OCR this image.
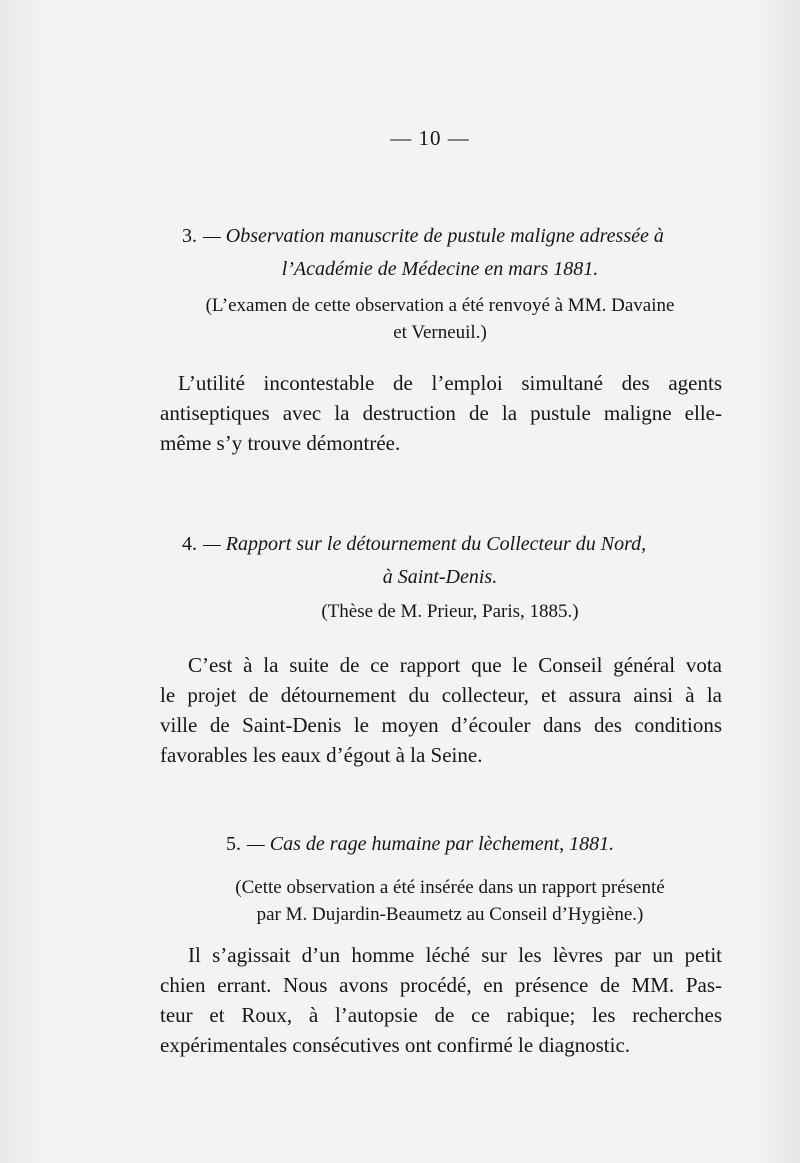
— 10 —
3. — Observation manuscrite de pustule maligne adressée à
l’Académie de Médecine en mars 1881.
(L’examen de cette observation a été renvoyé à MM. Davaine
et Verneuil.)
L’utilité incontestable de l’emploi simultané des agents
antiseptiques avec la destruction de la pustule maligne elle-
même s’y trouve démontrée.
4. — Rapport sur le détournement du Collecteur du Nord,
à Saint-Denis.
(Thèse de M. Prieur, Paris, 1885.)
C’est à la suite de ce rapport que le Conseil général vota
le projet de détournement du collecteur, et assura ainsi à la
ville de Saint-Denis le moyen d’écouler dans des conditions
favorables les eaux d’égout à la Seine.
5. — Cas de rage humaine par lèchement, 1881.
(Cette observation a été insérée dans un rapport présenté
par M. Dujardin-Beaumetz au Conseil d’Hygiène.)
Il s’agissait d’un homme léché sur les lèvres par un petit
chien errant. Nous avons procédé, en présence de MM. Pas-
teur et Roux, à l’autopsie de ce rabique; les recherches
expérimentales consécutives ont confirmé le diagnostic.
